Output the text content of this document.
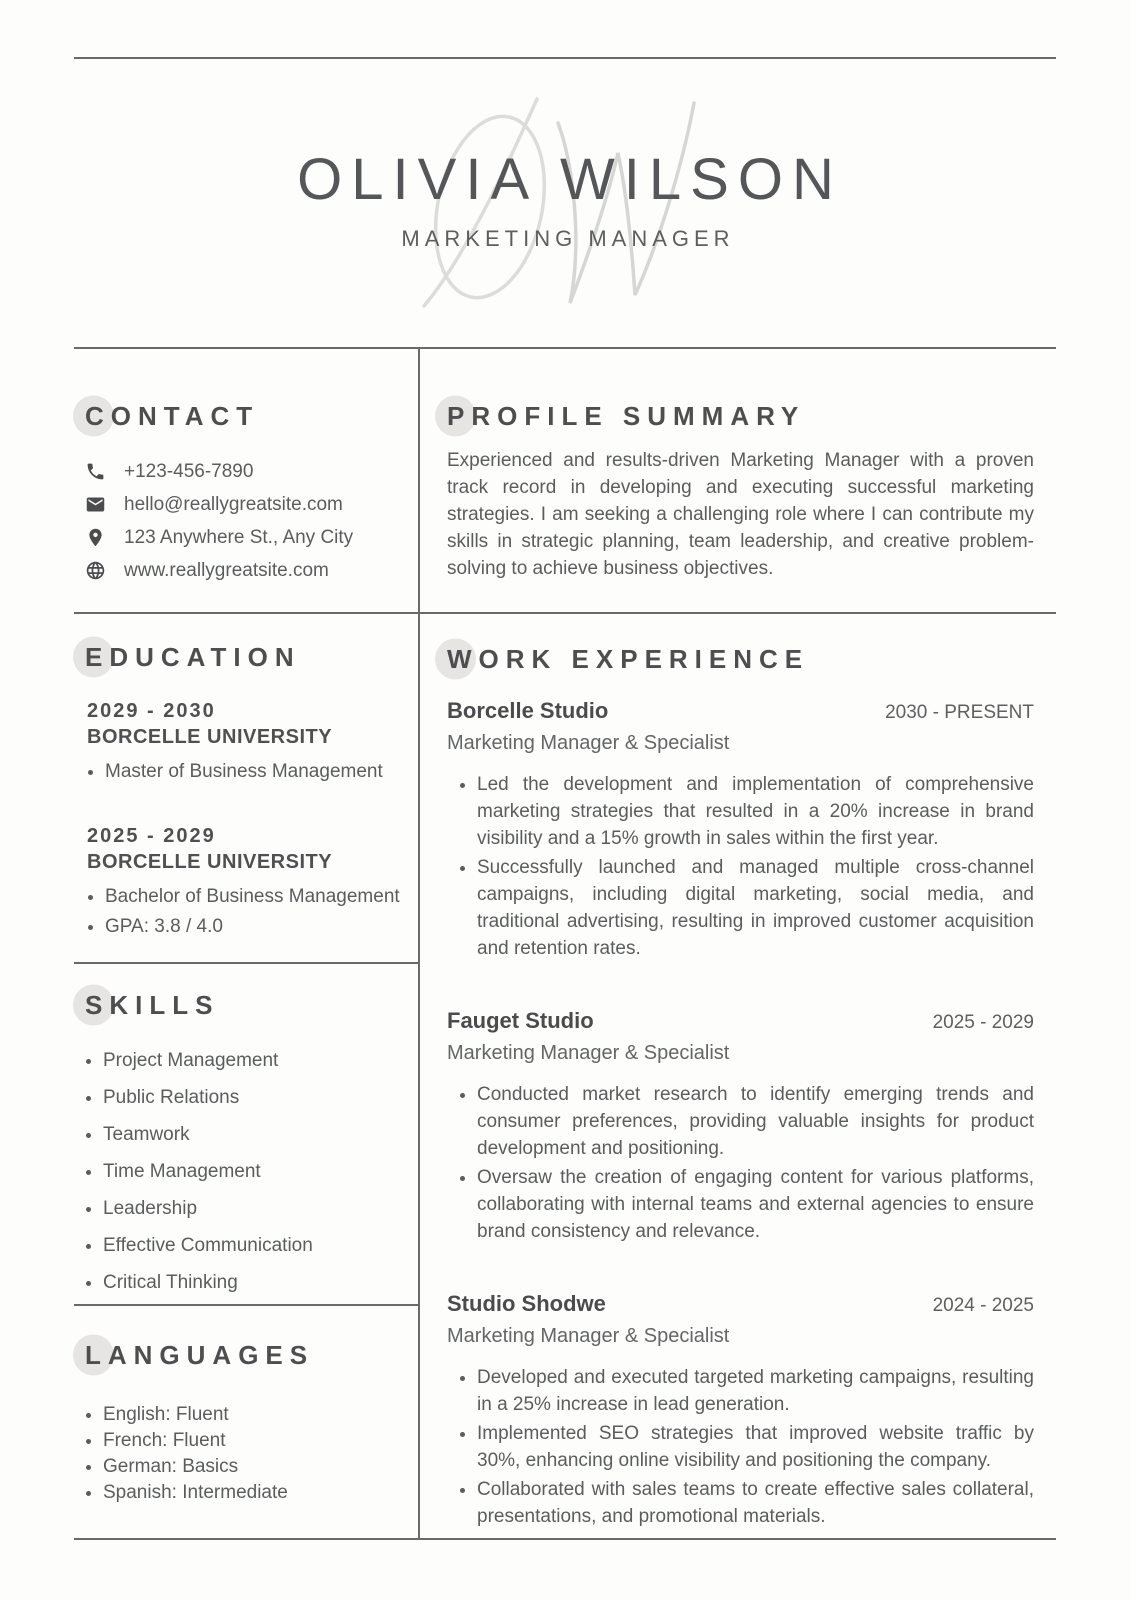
OLIVIA WILSON
MARKETING MANAGER
CONTACT
+123-456-7890
hello@reallygreatsite.com
123 Anywhere St., Any City
www.reallygreatsite.com
PROFILE SUMMARY

Experienced and results-driven Marketing Manager with a proven track record in developing and executing successful marketing strategies. I am seeking a challenging role where I can contribute my skills in strategic planning, team leadership, and creative problem-solving to achieve business objectives.

EDUCATION
2029 - 2030
BORCELLE UNIVERSITY
• Master of Business Management
2025 - 2029
BORCELLE UNIVERSITY
• Bachelor of Business Management
• GPA: 3.8 / 4.0
SKILLS
• Project Management
• Public Relations
• Teamwork
• Time Management
• Leadership
• Effective Communication
• Critical Thinking
LANGUAGES
• English: Fluent
• French: Fluent
• German: Basics
• Spanish: Intermediate
WORK EXPERIENCE
Borcelle Studio	2030 - PRESENT
Marketing Manager & Specialist
• Led the development and implementation of comprehensive marketing strategies that resulted in a 20% increase in brand visibility and a 15% growth in sales within the first year.
• Successfully launched and managed multiple cross-channel campaigns, including digital marketing, social media, and traditional advertising, resulting in improved customer acquisition and retention rates.
Fauget Studio	2025 - 2029
Marketing Manager & Specialist
• Conducted market research to identify emerging trends and consumer preferences, providing valuable insights for product development and positioning.
• Oversaw the creation of engaging content for various platforms, collaborating with internal teams and external agencies to ensure brand consistency and relevance.
Studio Shodwe	2024 - 2025
Marketing Manager & Specialist
• Developed and executed targeted marketing campaigns, resulting in a 25% increase in lead generation.
• Implemented SEO strategies that improved website traffic by 30%, enhancing online visibility and positioning the company.
• Collaborated with sales teams to create effective sales collateral, presentations, and promotional materials.
